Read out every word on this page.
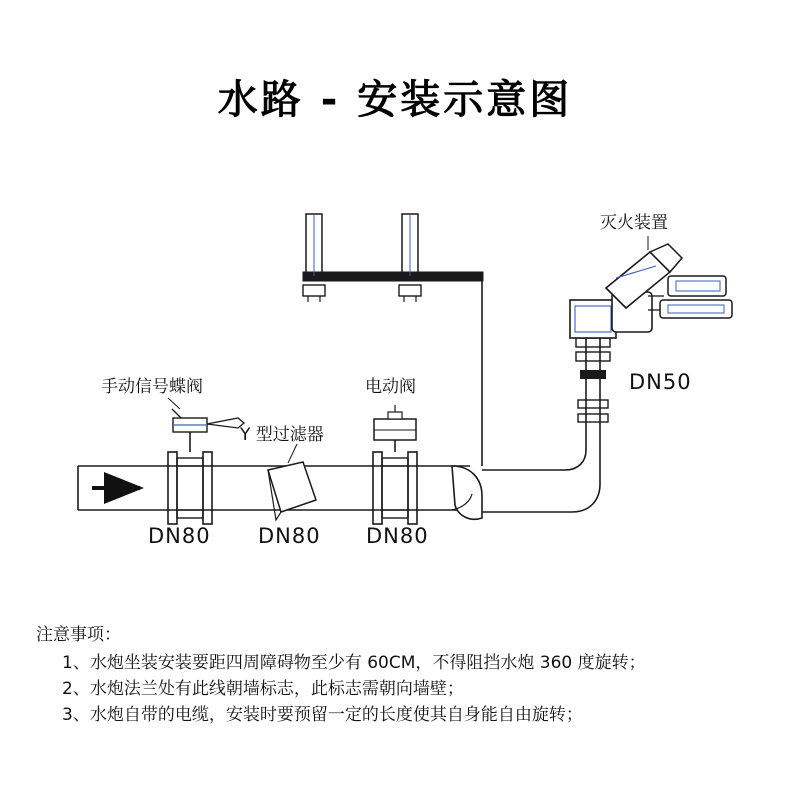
水路 - 安装示意图
手动信号蝶阀
Y 型过滤器
电动阀
灭火装置
DN50
DN80 DN80 DN80
注意事项：
1、水炮坐装安装要距四周障碍物至少有 60CM，不得阻挡水炮 360 度旋转；
2、水炮法兰处有此线朝墙标志，此标志需朝向墙壁；
3、水炮自带的电缆，安装时要预留一定的长度使其自身能自由旋转；
